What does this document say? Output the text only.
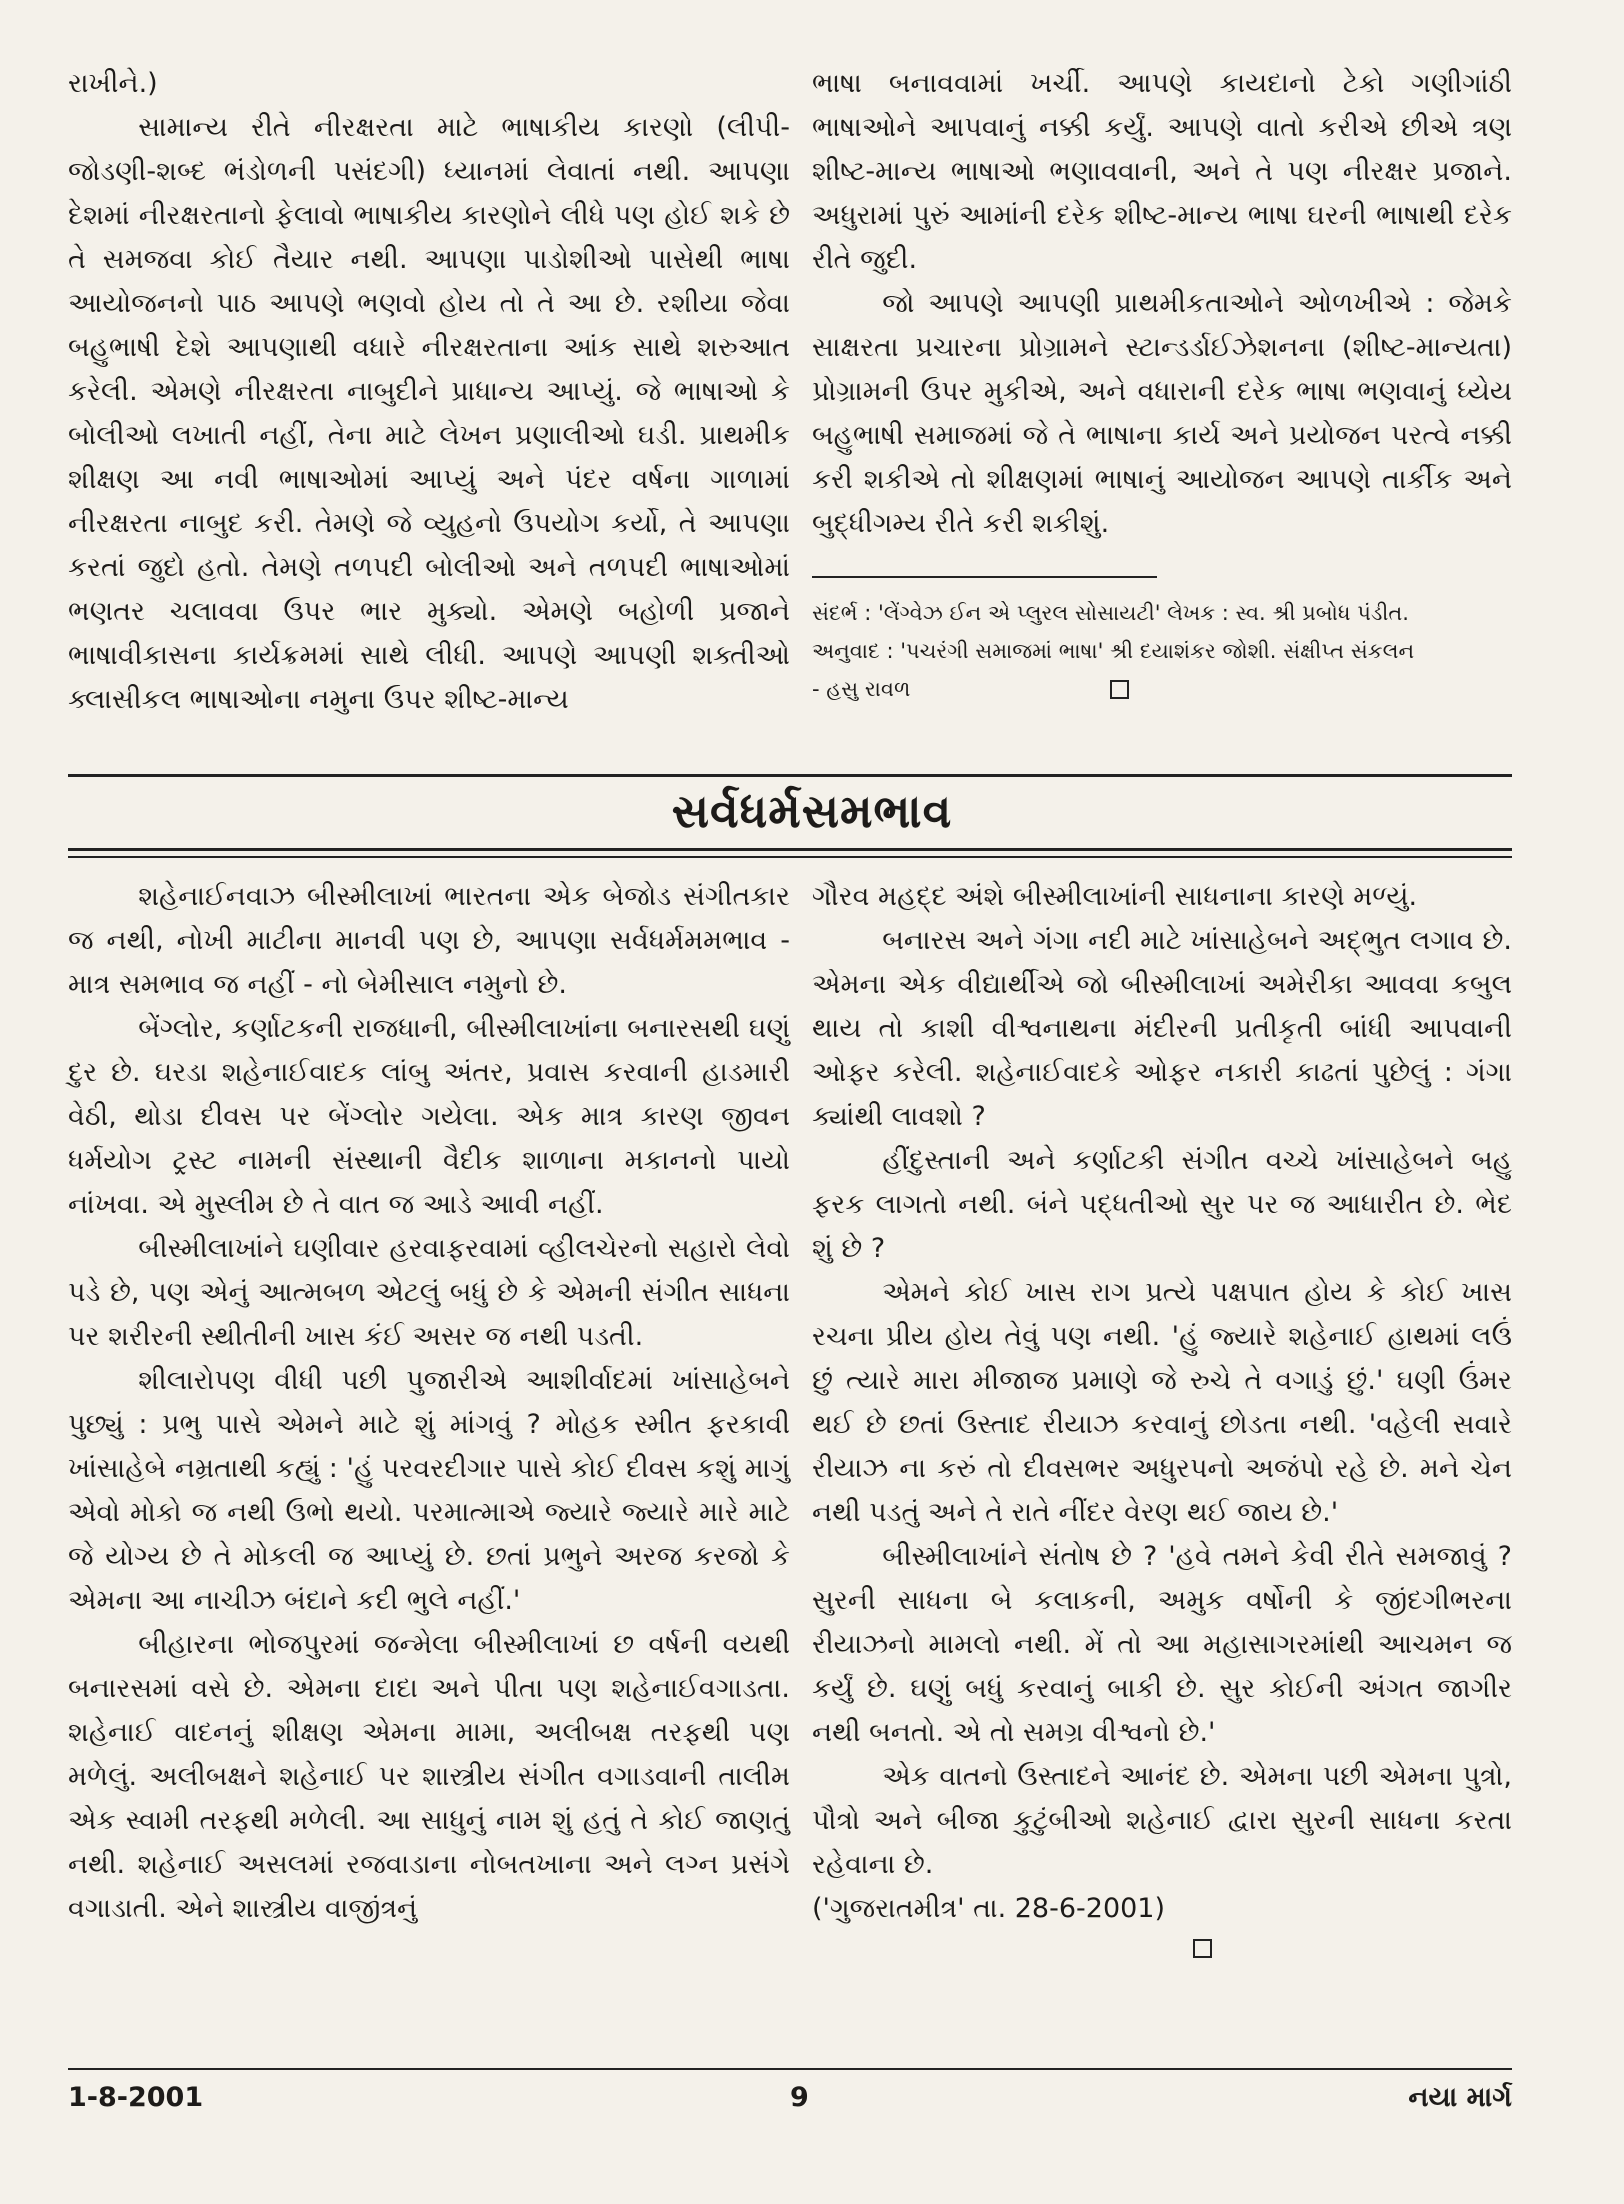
રાખીને.)

સામાન્ય રીતે નીરક્ષરતા માટે ભાષાકીય કારણો (લીપી-જોડણી-શબ્દ ભંડોળની પસંદગી) ધ્યાનમાં લેવાતાં નથી. આપણા દેશમાં નીરક્ષરતાનો ફેલાવો ભાષાકીય કારણોને લીધે પણ હોઈ શકે છે તે સમજવા કોઈ તૈયાર નથી. આપણા પાડોશીઓ પાસેથી ભાષા આયોજનનો પાઠ આપણે ભણવો હોય તો તે આ છે. રશીયા જેવા બહુભાષી દેશે આપણાથી વધારે નીરક્ષરતાના આંક સાથે શરુઆત કરેલી. એમણે નીરક્ષરતા નાબુદીને પ્રાધાન્ય આપ્યું. જે ભાષાઓ કે બોલીઓ લખાતી નહીં, તેના માટે લેખન પ્રણાલીઓ ઘડી. પ્રાથમીક શીક્ષણ આ નવી ભાષાઓમાં આપ્યું અને પંદર વર્ષના ગાળામાં નીરક્ષરતા નાબુદ કરી. તેમણે જે વ્યુહનો ઉપયોગ કર્યો, તે આપણા કરતાં જુદો હતો. તેમણે તળપદી બોલીઓ અને તળપદી ભાષાઓમાં ભણતર ચલાવવા ઉપર ભાર મુક્યો. એમણે બહોળી પ્રજાને ભાષાવીકાસના કાર્યક્રમમાં સાથે લીધી. આપણે આપણી શક્તીઓ ક્લાસીકલ ભાષાઓના નમુના ઉપર શીષ્ટ-માન્ય

ભાષા બનાવવામાં ખર્ચી. આપણે કાયદાનો ટેકો ગણીગાંઠી ભાષાઓને આપવાનું નક્કી કર્યું. આપણે વાતો કરીએ છીએ ત્રણ શીષ્ટ-માન્ય ભાષાઓ ભણાવવાની, અને તે પણ નીરક્ષર પ્રજાને. અધુરામાં પુરું આમાંની દરેક શીષ્ટ-માન્ય ભાષા ઘરની ભાષાથી દરેક રીતે જુદી.

જો આપણે આપણી પ્રાથમીકતાઓને ઓળખીએ : જેમકે સાક્ષરતા પ્રચારના પ્રોગ્રામને સ્ટાન્ડર્ડાઈઝેશનના (શીષ્ટ-માન્યતા) પ્રોગ્રામની ઉપર મુકીએ, અને વધારાની દરેક ભાષા ભણવાનું ધ્યેય બહુભાષી સમાજમાં જે તે ભાષાના કાર્ય અને પ્રયોજન પરત્વે નક્કી કરી શકીએ તો શીક્ષણમાં ભાષાનું આયોજન આપણે તાર્કીક અને બુદ્ધીગમ્ય રીતે કરી શકીશું.

સંદર્ભ : 'લેંગ્વેઝ ઈન એ પ્લુરલ સોસાયટી' લેખક : સ્વ. શ્રી પ્રબોધ પંડીત.

અનુવાદ : 'પચરંગી સમાજમાં ભાષા' શ્રી દયાશંકર જોશી. સંક્ષીપ્ત સંકલન

- હસુ રાવળ

સર્વધર્મસમભાવ

શહેનાઈનવાઝ બીસ્મીલાખાં ભારતના એક બેજોડ સંગીતકાર જ નથી, નોખી માટીના માનવી પણ છે, આપણા સર્વધર્મમમભાવ - માત્ર સમભાવ જ નહીં - નો બેમીસાલ નમુનો છે.

બેંગ્લોર, કર્ણાટકની રાજધાની, બીસ્મીલાખાંના બનારસથી ઘણું દુર છે. ઘરડા શહેનાઈવાદક લાંબુ અંતર, પ્રવાસ કરવાની હાડમારી વેઠી, થોડા દીવસ પર બેંગ્લોર ગયેલા. એક માત્ર કારણ જીવન ધર્મયોગ ટ્રસ્ટ નામની સંસ્થાની વૈદીક શાળાના મકાનનો પાયો નાંખવા. એ મુસ્લીમ છે તે વાત જ આડે આવી નહીં.

બીસ્મીલાખાંને ઘણીવાર હરવાફરવામાં વ્હીલચેરનો સહારો લેવો પડે છે, પણ એનું આત્મબળ એટલું બધું છે કે એમની સંગીત સાધના પર શરીરની સ્થીતીની ખાસ કંઈ અસર જ નથી પડતી.

શીલારોપણ વીધી પછી પુજારીએ આશીર્વાદમાં ખાંસાહેબને પુછ્યું : પ્રભુ પાસે એમને માટે શું માંગવું ? મોહક સ્મીત ફરકાવી ખાંસાહેબે નમ્રતાથી કહ્યું : 'હું પરવરદીગાર પાસે કોઈ દીવસ કશું માગું એવો મોકો જ નથી ઉભો થયો. પરમાત્માએ જ્યારે જ્યારે મારે માટે જે યોગ્ય છે તે મોકલી જ આપ્યું છે. છતાં પ્રભુને અરજ કરજો કે એમના આ નાચીઝ બંદાને કદી ભુલે નહીં.'

બીહારના ભોજપુરમાં જન્મેલા બીસ્મીલાખાં છ વર્ષની વયથી બનારસમાં વસે છે. એમના દાદા અને પીતા પણ શહેનાઈવગાડતા. શહેનાઈ વાદનનું શીક્ષણ એમના મામા, અલીબક્ષ તરફથી પણ મળેલું. અલીબક્ષને શહેનાઈ પર શાસ્ત્રીય સંગીત વગાડવાની તાલીમ એક સ્વામી તરફથી મળેલી. આ સાધુનું નામ શું હતું તે કોઈ જાણતું નથી. શહેનાઈ અસલમાં રજવાડાના નોબતખાના અને લગ્ન પ્રસંગે વગાડાતી. એને શાસ્ત્રીય વાજીંત્રનું

ગૌરવ મહદ્દ અંશે બીસ્મીલાખાંની સાધનાના કારણે મળ્યું.

બનારસ અને ગંગા નદી માટે ખાંસાહેબને અદ્ભુત લગાવ છે. એમના એક વીદ્યાર્થીએ જો બીસ્મીલાખાં અમેરીકા આવવા કબુલ થાય તો કાશી વીશ્વનાથના મંદીરની પ્રતીકૃતી બાંધી આપવાની ઓફર કરેલી. શહેનાઈવાદકે ઓફર નકારી કાઢતાં પુછેલું : ગંગા ક્યાંથી લાવશો ?

હીંદુસ્તાની અને કર્ણાટકી સંગીત વચ્ચે ખાંસાહેબને બહુ ફરક લાગતો નથી. બંને પદ્ધતીઓ સુર પર જ આધારીત છે. ભેદ શું છે ?

એમને કોઈ ખાસ રાગ પ્રત્યે પક્ષપાત હોય કે કોઈ ખાસ રચના પ્રીય હોય તેવું પણ નથી. 'હું જ્યારે શહેનાઈ હાથમાં લઉં છું ત્યારે મારા મીજાજ પ્રમાણે જે રુચે તે વગાડું છું.' ઘણી ઉંમર થઈ છે છતાં ઉસ્તાદ રીયાઝ કરવાનું છોડતા નથી. 'વહેલી સવારે રીયાઝ ના કરું તો દીવસભર અધુરપનો અજંપો રહે છે. મને ચેન નથી પડતું અને તે રાતે નીંદર વેરણ થઈ જાય છે.'

બીસ્મીલાખાંને સંતોષ છે ? 'હવે તમને કેવી રીતે સમજાવું ? સુરની સાધના બે કલાકની, અમુક વર્ષોની કે જીંદગીભરના રીયાઝનો મામલો નથી. મેં તો આ મહાસાગરમાંથી આચમન જ કર્યું છે. ઘણું બધું કરવાનું બાકી છે. સુર કોઈની અંગત જાગીર નથી બનતો. એ તો સમગ્ર વીશ્વનો છે.'

એક વાતનો ઉસ્તાદને આનંદ છે. એમના પછી એમના પુત્રો, પૌત્રો અને બીજા કુટુંબીઓ શહેનાઈ દ્વારા સુરની સાધના કરતા રહેવાના છે.

('ગુજરાતમીત્ર' તા. 28-6-2001)

1-8-2001	9	નયા માર્ગ
